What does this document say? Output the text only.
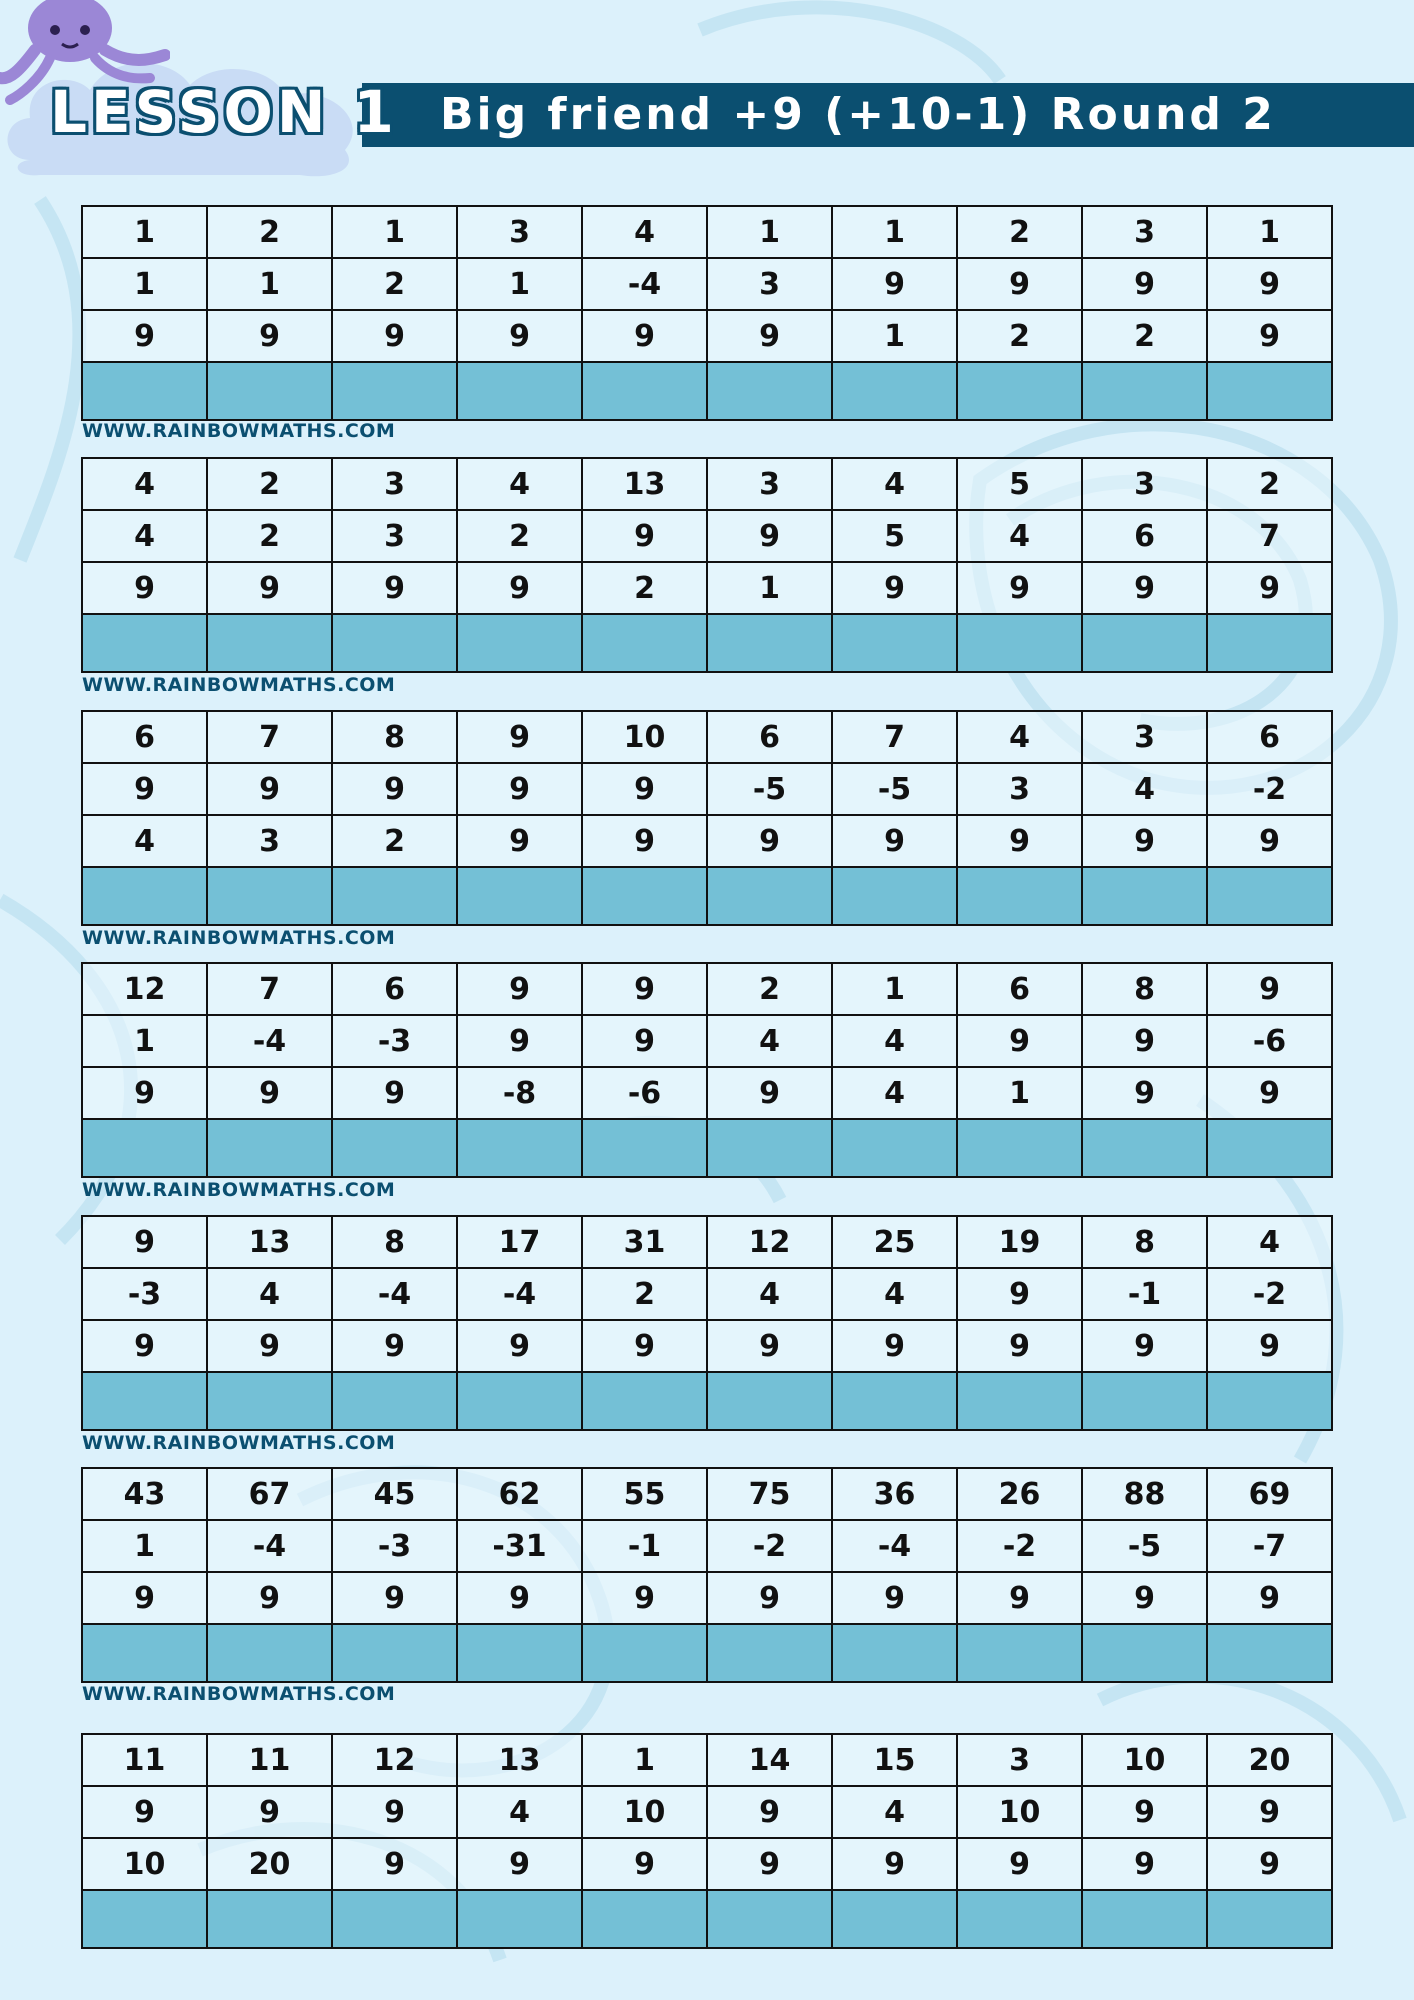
Big friend +9 (+10-1) Round 2
LESSON 1
1	2	1	3	4	1	1	2	3	1
1	1	2	1	-4	3	9	9	9	9
9	9	9	9	9	9	1	2	2	9

4	2	3	4	13	3	4	5	3	2
4	2	3	2	9	9	5	4	6	7
9	9	9	9	2	1	9	9	9	9

6	7	8	9	10	6	7	4	3	6
9	9	9	9	9	-5	-5	3	4	-2
4	3	2	9	9	9	9	9	9	9

12	7	6	9	9	2	1	6	8	9
1	-4	-3	9	9	4	4	9	9	-6
9	9	9	-8	-6	9	4	1	9	9

9	13	8	17	31	12	25	19	8	4
-3	4	-4	-4	2	4	4	9	-1	-2
9	9	9	9	9	9	9	9	9	9

43	67	45	62	55	75	36	26	88	69
1	-4	-3	-31	-1	-2	-4	-2	-5	-7
9	9	9	9	9	9	9	9	9	9

11	11	12	13	1	14	15	3	10	20
9	9	9	4	10	9	4	10	9	9
10	20	9	9	9	9	9	9	9	9

WWW.RAINBOWMATHS.COM
WWW.RAINBOWMATHS.COM
WWW.RAINBOWMATHS.COM
WWW.RAINBOWMATHS.COM
WWW.RAINBOWMATHS.COM
WWW.RAINBOWMATHS.COM
